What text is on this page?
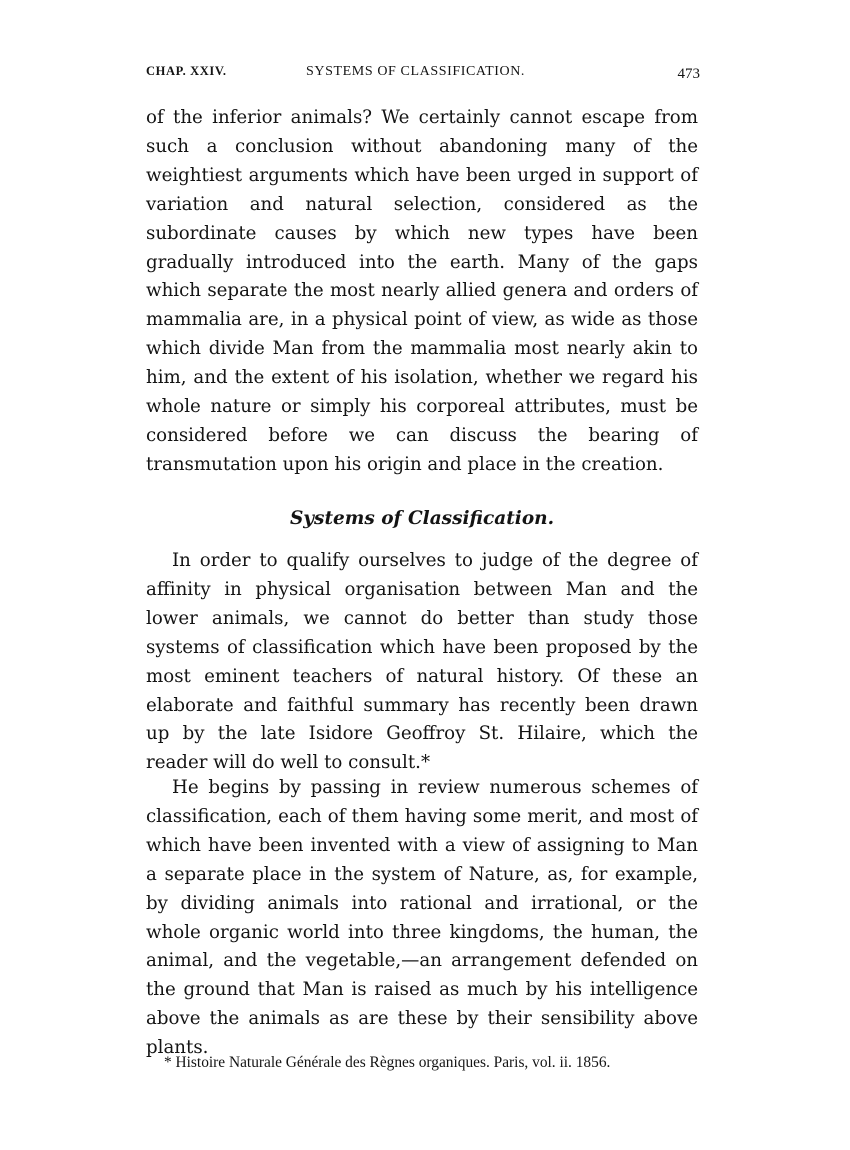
CHAP. XXIV.	SYSTEMS OF CLASSIFICATION.	473

of the inferior animals? We certainly cannot escape from such a conclusion without abandoning many of the weightiest arguments which have been urged in support of variation and natural selection, considered as the subordinate causes by which new types have been gradually introduced into the earth. Many of the gaps which separate the most nearly allied genera and orders of mammalia are, in a physical point of view, as wide as those which divide Man from the mammalia most nearly akin to him, and the extent of his isolation, whether we regard his whole nature or simply his corporeal attributes, must be considered before we can discuss the bearing of transmutation upon his origin and place in the creation.

Systems of Classification.

In order to qualify ourselves to judge of the degree of affinity in physical organisation between Man and the lower animals, we cannot do better than study those systems of classification which have been proposed by the most eminent teachers of natural history. Of these an elaborate and faithful summary has recently been drawn up by the late Isidore Geoffroy St. Hilaire, which the reader will do well to consult.*

He begins by passing in review numerous schemes of classification, each of them having some merit, and most of which have been invented with a view of assigning to Man a separate place in the system of Nature, as, for example, by dividing animals into rational and irrational, or the whole organic world into three kingdoms, the human, the animal, and the vegetable,—an arrangement defended on the ground that Man is raised as much by his intelligence above the animals as are these by their sensibility above plants.

* Histoire Naturale Générale des Règnes organiques. Paris, vol. ii. 1856.
